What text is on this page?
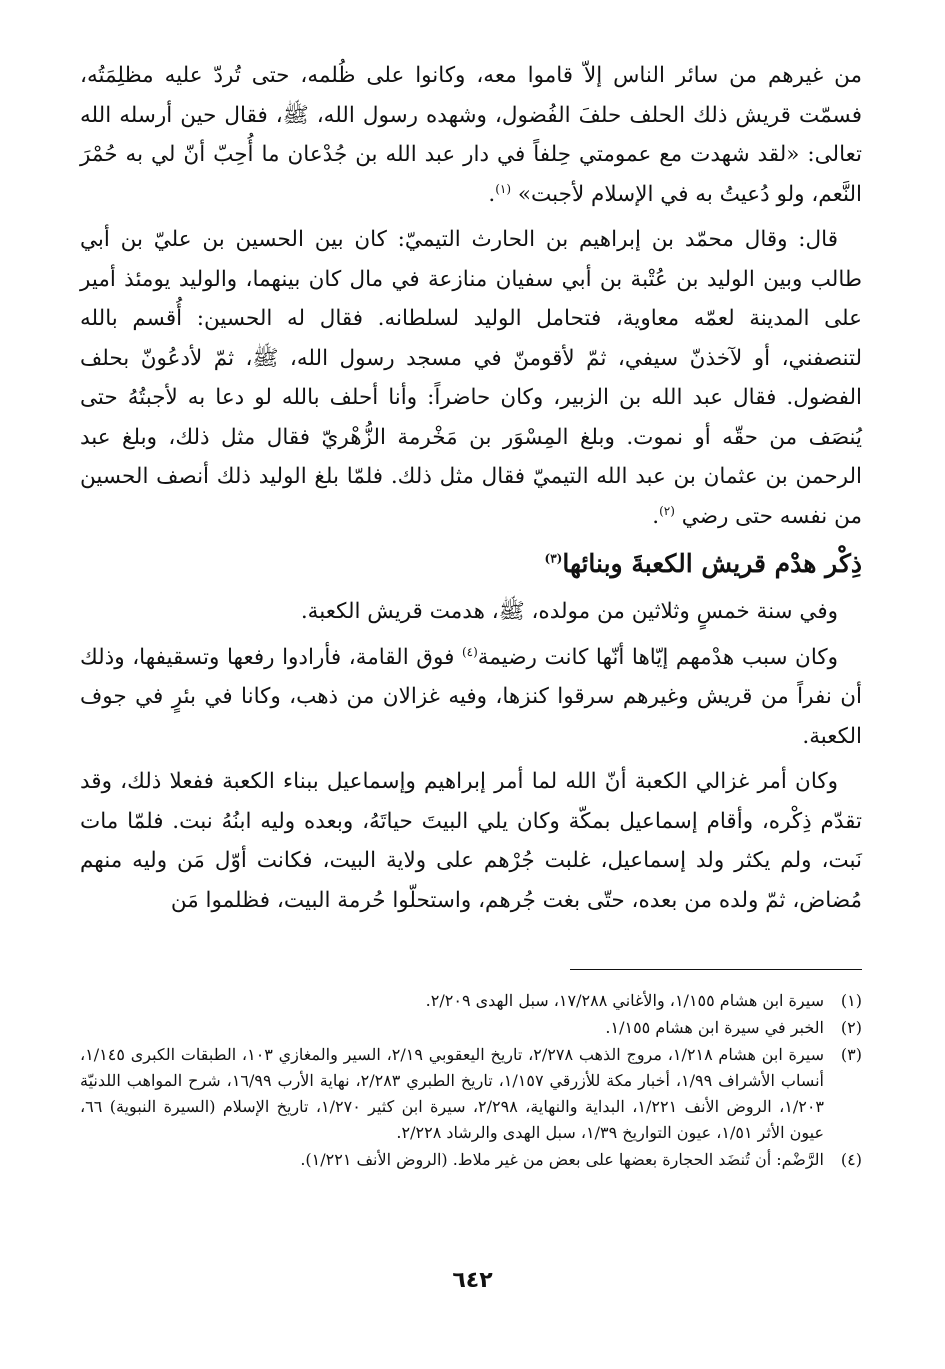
من غيرهم من سائر الناس إلاّ قاموا معه، وكانوا على ظُلمه، حتى تُردّ عليه مظلِمَتُه، فسمّت قريش ذلك الحلف حلفَ الفُضول، وشهده رسول الله، ﷺ، فقال حين أرسله الله تعالى: «لقد شهدت مع عمومتي حِلفاً في دار عبد الله بن جُدْعان ما أُحِبّ أنّ لي به حُمْرَ النَّعم، ولو دُعيتُ به في الإسلام لأجبت» $^{(١)}$.

قال: وقال محمّد بن إبراهيم بن الحارث التيميّ: كان بين الحسين بن عليّ بن أبي طالب وبين الوليد بن عُتْبة بن أبي سفيان منازعة في مال كان بينهما، والوليد يومئذ أمير على المدينة لعمّه معاوية، فتحامل الوليد لسلطانه. فقال له الحسين: أُقسم بالله لتنصفني، أو لآخذنّ سيفي، ثمّ لأقومنّ في مسجد رسول الله، ﷺ، ثمّ لأدعُونّ بحلف الفضول. فقال عبد الله بن الزبير، وكان حاضراً: وأنا أحلف بالله لو دعا به لأجبتُهُ حتى يُنصَف من حقّه أو نموت. وبلغ المِسْوَر بن مَخْرمة الزُّهْريّ فقال مثل ذلك، وبلغ عبد الرحمن بن عثمان بن عبد الله التيميّ فقال مثل ذلك. فلمّا بلغ الوليد ذلك أنصف الحسين من نفسه حتى رضي $^{(٢)}$.

ذِكْر هدْم قريش الكعبةَ وبنائها$^{(٣)}$

وفي سنة خمسٍ وثلاثين من مولده، ﷺ، هدمت قريش الكعبة.

وكان سبب هدْمهم إيّاها أنّها كانت رضيمة$^{(٤)}$ فوق القامة، فأرادوا رفعها وتسقيفها، وذلك أن نفراً من قريش وغيرهم سرقوا كنزها، وفيه غزالان من ذهب، وكانا في بئرٍ في جوف الكعبة.

وكان أمر غزالي الكعبة أنّ الله لما أمر إبراهيم وإسماعيل ببناء الكعبة ففعلا ذلك، وقد تقدّم ذِكْره، وأقام إسماعيل بمكّة وكان يلي البيتَ حياتَهُ، وبعده وليه ابنُهُ نبت. فلمّا مات نَبت، ولم يكثر ولد إسماعيل، غلبت جُرْهم على ولاية البيت، فكانت أوّل مَن وليه منهم مُضاض، ثمّ ولده من بعده، حتّى بغت جُرهم، واستحلّوا حُرمة البيت، فظلموا مَن

(١)
سيرة ابن هشام ١/١٥٥، والأغاني ١٧/٢٨٨، سبل الهدى ٢/٢٠٩.
(٢)
الخبر في سيرة ابن هشام ١/١٥٥.
(٣)
سيرة ابن هشام ١/٢١٨، مروج الذهب ٢/٢٧٨، تاريخ اليعقوبي ٢/١٩، السير والمغازي ١٠٣، الطبقات الكبرى ١/١٤٥، أنساب الأشراف ١/٩٩، أخبار مكة للأزرقي ١/١٥٧، تاريخ الطبري ٢/٢٨٣، نهاية الأرب ١٦/٩٩، شرح المواهب اللدنيّة ١/٢٠٣، الروض الأنف ١/٢٢١، البداية والنهاية، ٢/٢٩٨، سيرة ابن كثير ١/٢٧٠، تاريخ الإسلام (السيرة النبوية) ٦٦، عيون الأثر ١/٥١، عيون التواريخ ١/٣٩، سبل الهدى والرشاد ٢/٢٢٨.
(٤)
الرَّضْم: أن تُنضَد الحجارة بعضها على بعض من غير ملاط. (الروض الأنف ١/٢٢١).
٦٤٢
